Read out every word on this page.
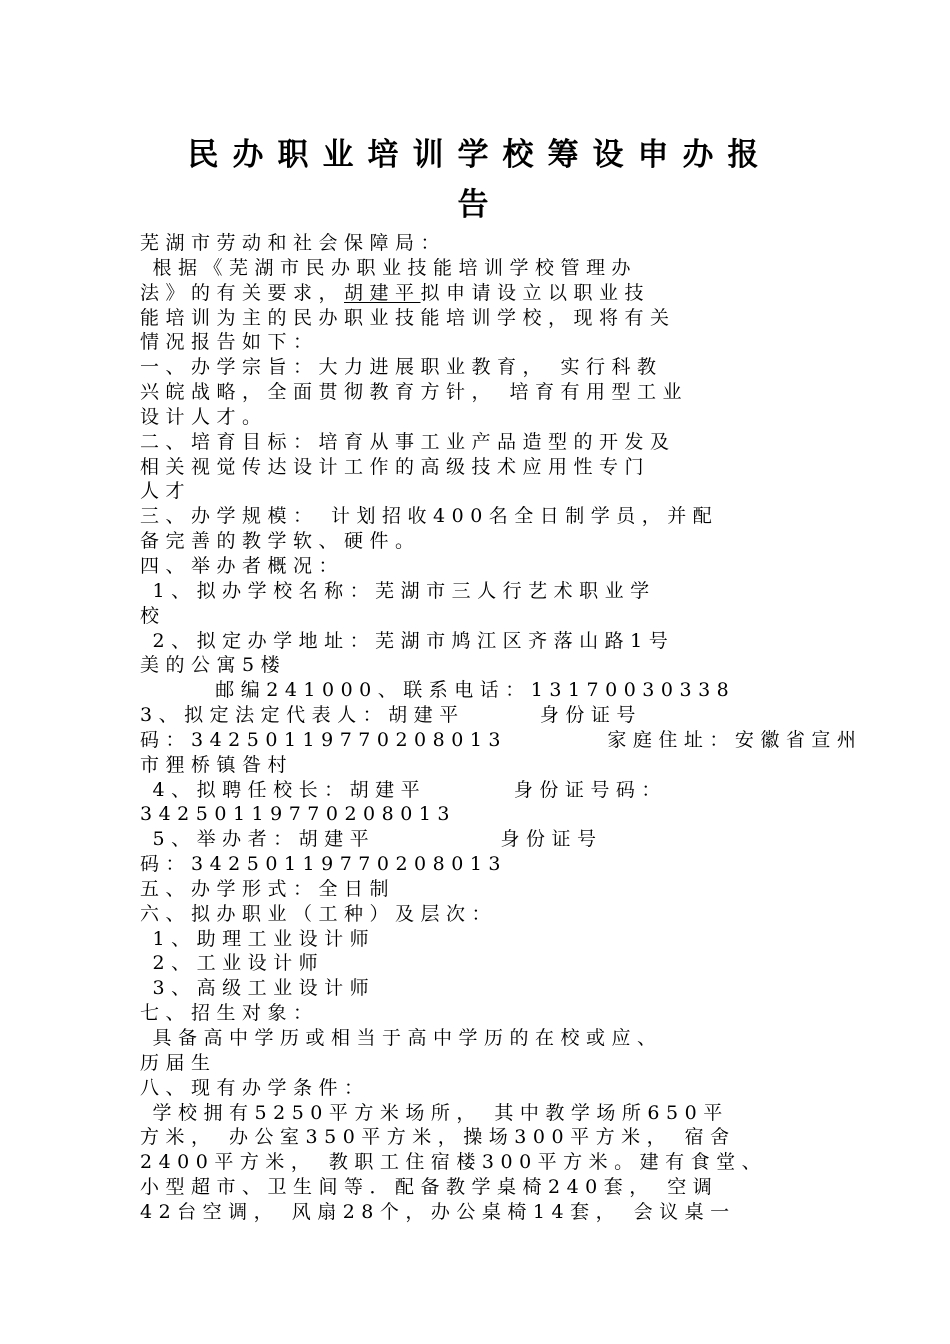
民办职业培训学校筹设申办报
告
芜湖市劳动和社会保障局：
根据《芜湖市民办职业技能培训学校管理办
法》的有关要求，胡建平拟申请设立以职业技
能培训为主的民办职业技能培训学校，现将有关
情况报告如下：
一、办学宗旨：大力进展职业教育， 实行科教
兴皖战略，全面贯彻教育方针， 培育有用型工业
设计人才。
二、培育目标：培育从事工业产品造型的开发及
相关视觉传达设计工作的高级技术应用性专门
人才
三、办学规模： 计划招收400名全日制学员，并配
备完善的教学软、硬件。
四、举办者概况：
1、拟办学校名称：芜湖市三人行艺术职业学
校
2、拟定办学地址：芜湖市鸠江区齐落山路1号
美的公寓5楼
邮编241000、联系电话：13170030338
3、拟定法定代表人：胡建平      身份证号
码：34250119770208013        家庭住址：安徽省宣州
市狸桥镇昝村
4、拟聘任校长：胡建平       身份证号码：
34250119770208013
5、举办者：胡建平          身份证号
码：34250119770208013
五、办学形式：全日制
六、拟办职业（工种）及层次：
1、助理工业设计师
2、工业设计师
3、高级工业设计师
七、招生对象：
具备高中学历或相当于高中学历的在校或应、
历届生
八、现有办学条件：
学校拥有5250平方米场所， 其中教学场所650平
方米， 办公室350平方米，操场300平方米， 宿舍
2400平方米， 教职工住宿楼300平方米。建有食堂、
小型超市、卫生间等．配备教学桌椅240套， 空调
42台空调， 风扇28个，办公桌椅14套， 会议桌一
